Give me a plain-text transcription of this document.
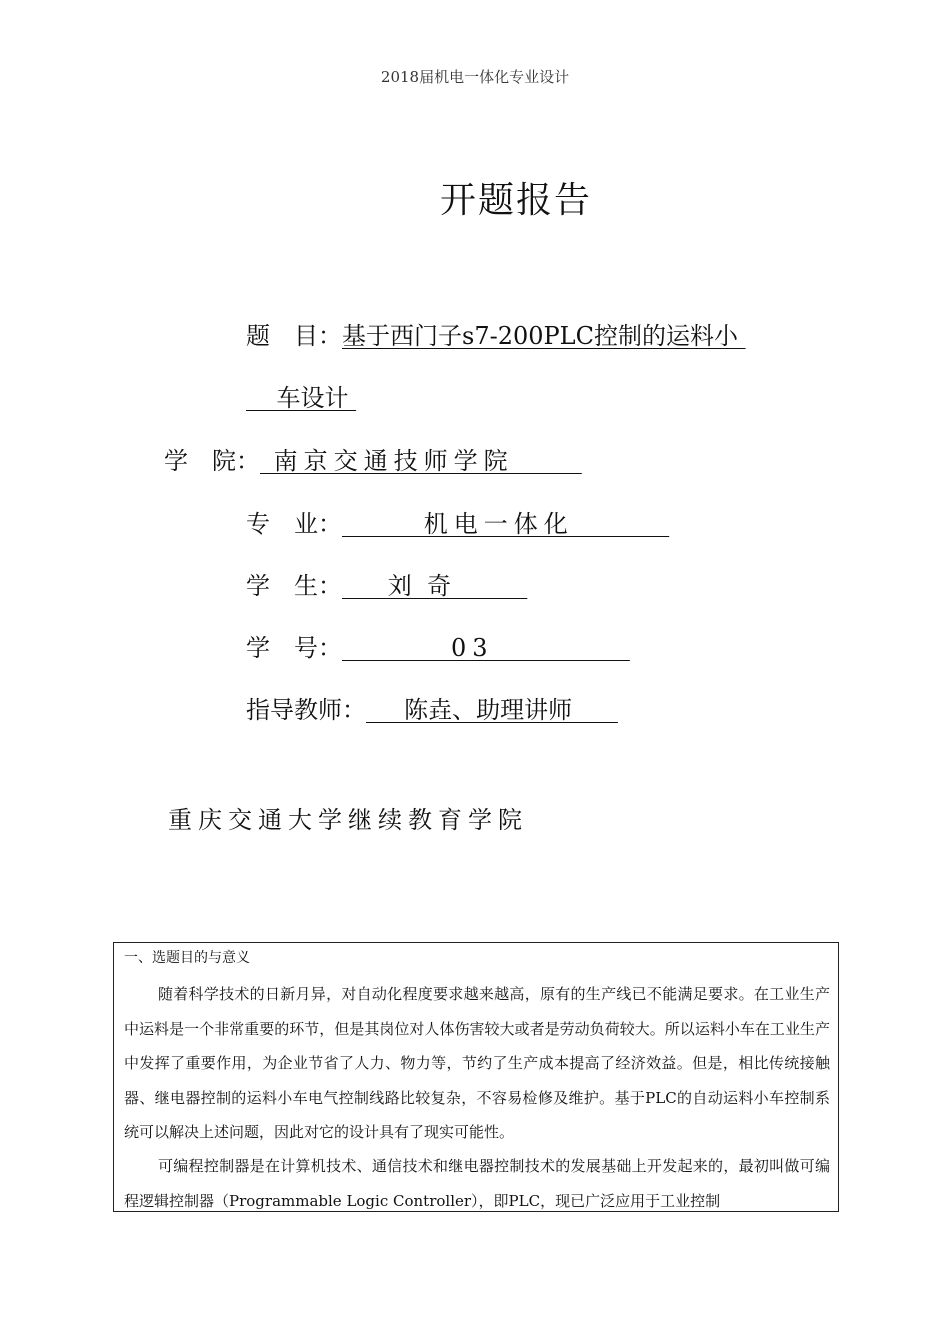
2018届机电一体化专业设计
开题报告
题　目：基于西门子s7-200PLC控制的运料小
车设计
学　院： 南京交通技师学院
专　业：      机电一体化
学　生：      刘  奇
学　号：        03
指导教师：     陈垚、助理讲师
重庆交通大学继续教育学院
一、选题目的与意义
随着科学技术的日新月异，对自动化程度要求越来越高，原有的生产线已不能满足要求。在工业生产中运料是一个非常重要的环节，但是其岗位对人体伤害较大或者是劳动负荷较大。所以运料小车在工业生产中发挥了重要作用，为企业节省了人力、物力等，节约了生产成本提高了经济效益。但是，相比传统接触器、继电器控制的运料小车电气控制线路比较复杂，不容易检修及维护。基于PLC的自动运料小车控制系统可以解决上述问题，因此对它的设计具有了现实可能性。
可编程控制器是在计算机技术、通信技术和继电器控制技术的发展基础上开发起来的，最初叫做可编程逻辑控制器（Programmable Logic Controller），即PLC，现已广泛应用于工业控制
